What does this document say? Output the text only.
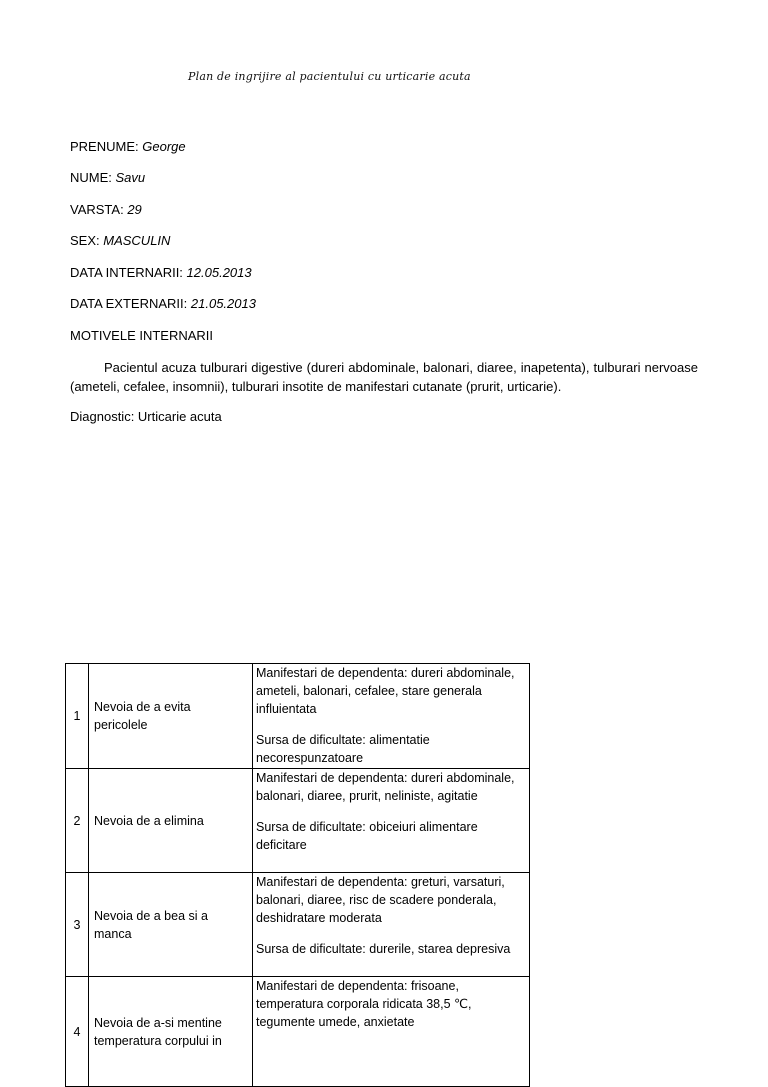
Plan de ingrijire al pacientului cu urticarie acuta
PRENUME: George
NUME: Savu
VARSTA: 29
SEX: MASCULIN
DATA INTERNARII: 12.05.2013
DATA EXTERNARII: 21.05.2013
MOTIVELE INTERNARII
Pacientul acuza tulburari digestive (dureri abdominale, balonari, diaree, inapetenta), tulburari nervoase (ameteli, cefalee, insomnii), tulburari insotite de manifestari cutanate (prurit, urticarie).
Diagnostic: Urticarie acuta
1	Nevoia de a evita pericolele	Manifestari de dependenta: dureri abdominale, ameteli, balonari, cefalee, stare generala influientata

Sursa de dificultate: alimentatie necorespunzatoare

2	Nevoia de a elimina	Manifestari de dependenta: dureri abdominale, balonari, diaree, prurit, neliniste, agitatie

Sursa de dificultate: obiceiuri alimentare deficitare

3	Nevoia de a bea si a manca	Manifestari de dependenta: greturi, varsaturi, balonari, diaree, risc de scadere ponderala, deshidratare moderata

Sursa de dificultate: durerile, starea depresiva

4	Nevoia de a-si mentine temperatura corpului in	Manifestari de dependenta: frisoane, temperatura corporala ridicata 38,5 ℃, tegumente umede, anxietate
